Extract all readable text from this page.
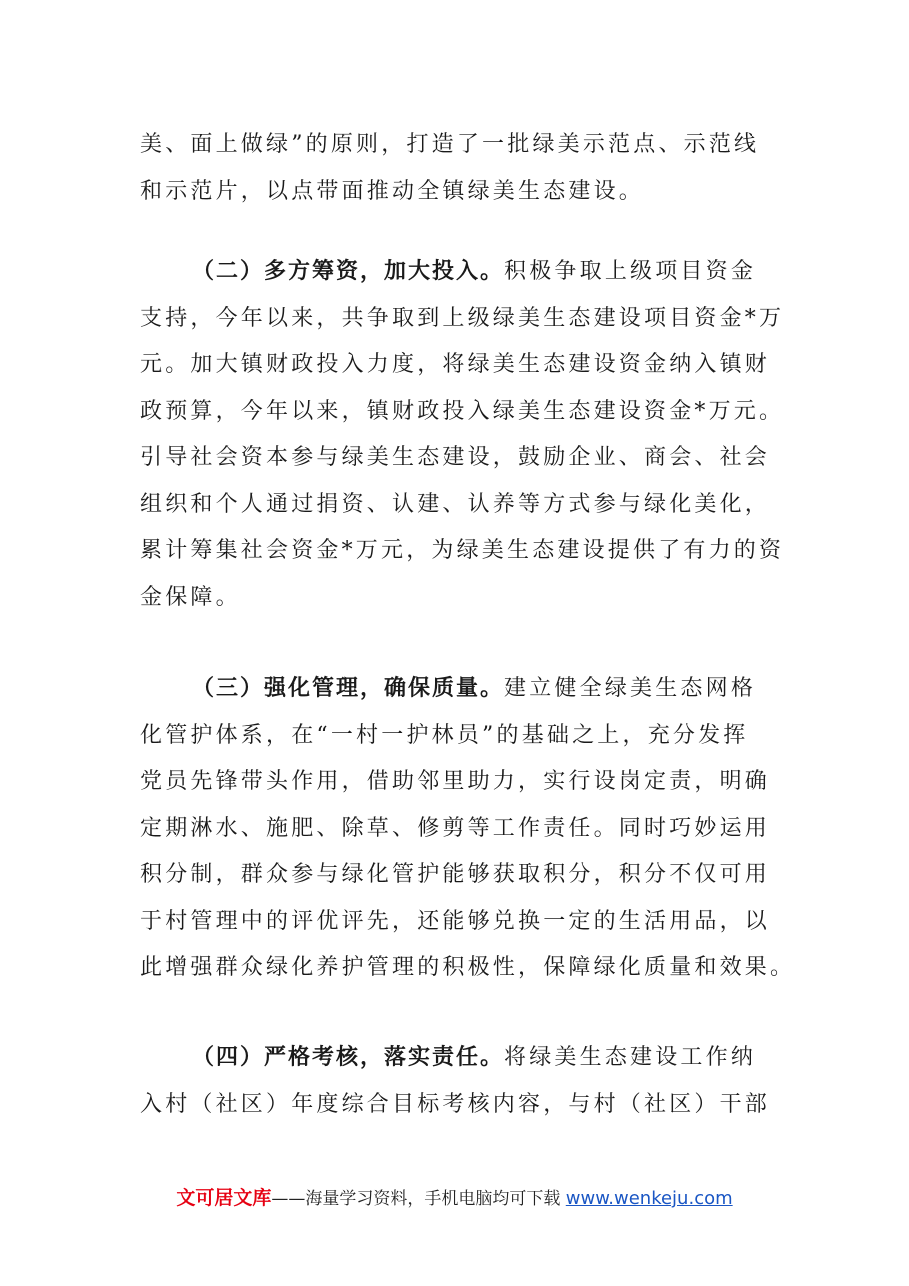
美、面上做绿”的原则，打造了一批绿美示范点、示范线
和示范片，以点带面推动全镇绿美生态建设。
（二）多方筹资，加大投入。积极争取上级项目资金
支持，今年以来，共争取到上级绿美生态建设项目资金*万
元。加大镇财政投入力度，将绿美生态建设资金纳入镇财
政预算，今年以来，镇财政投入绿美生态建设资金*万元。
引导社会资本参与绿美生态建设，鼓励企业、商会、社会
组织和个人通过捐资、认建、认养等方式参与绿化美化，
累计筹集社会资金*万元，为绿美生态建设提供了有力的资
金保障。
（三）强化管理，确保质量。建立健全绿美生态网格
化管护体系，在“一村一护林员”的基础之上，充分发挥
党员先锋带头作用，借助邻里助力，实行设岗定责，明确
定期淋水、施肥、除草、修剪等工作责任。同时巧妙运用
积分制，群众参与绿化管护能够获取积分，积分不仅可用
于村管理中的评优评先，还能够兑换一定的生活用品，以
此增强群众绿化养护管理的积极性，保障绿化质量和效果。
（四）严格考核，落实责任。将绿美生态建设工作纳
入村（社区）年度综合目标考核内容，与村（社区）干部
文可居文库——海量学习资料，手机电脑均可下载 www.wenkeju.com
